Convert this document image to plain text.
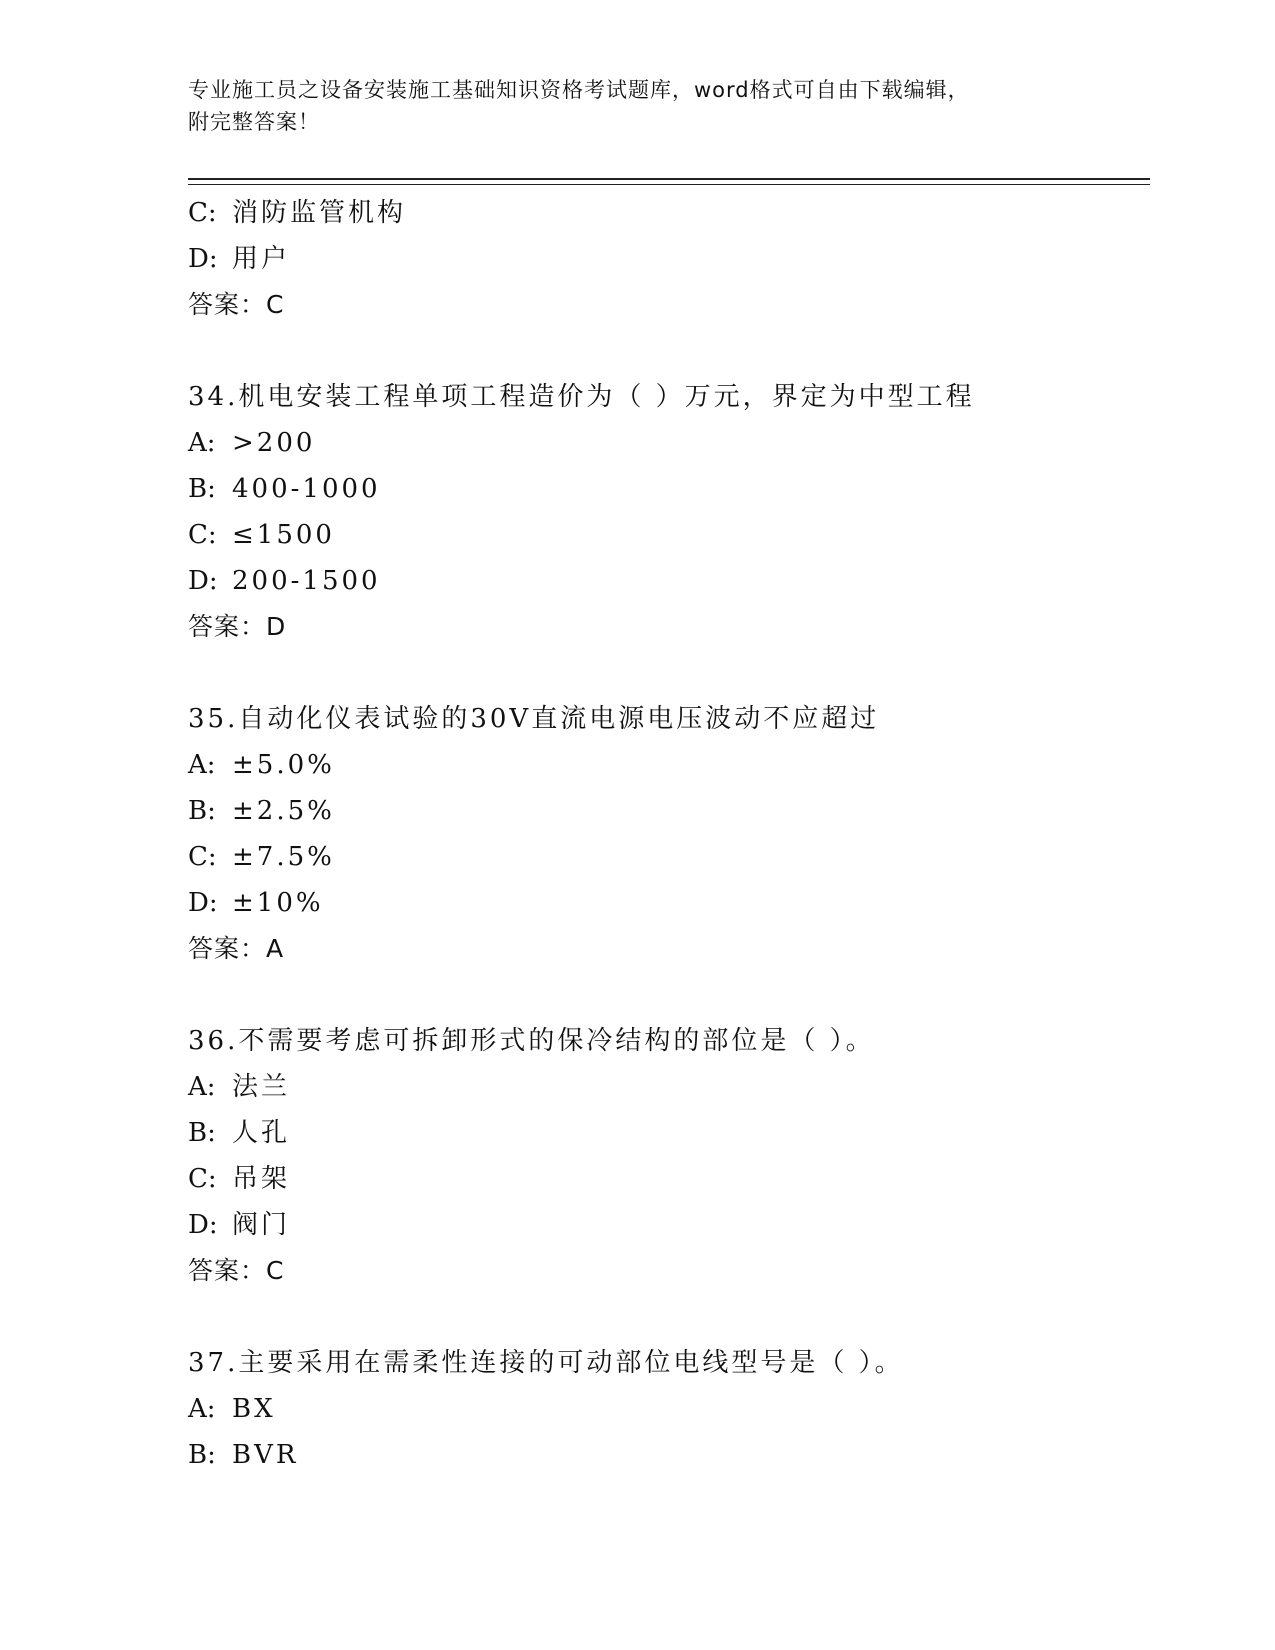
专业施工员之设备安装施工基础知识资格考试题库，word格式可自由下载编辑，
附完整答案！
C: 消防监管机构
D: 用户
答案：C
34.机电安装工程单项工程造价为（ ）万元，界定为中型工程
A: >200
B: 400-1000
C: ≤1500
D: 200-1500
答案：D
35.自动化仪表试验的30V直流电源电压波动不应超过
A: ±5.0%
B: ±2.5%
C: ±7.5%
D: ±10%
答案：A
36.不需要考虑可拆卸形式的保冷结构的部位是（ ）。
A: 法兰
B: 人孔
C: 吊架
D: 阀门
答案：C
37.主要采用在需柔性连接的可动部位电线型号是（ ）。
A: BX
B: BVR
